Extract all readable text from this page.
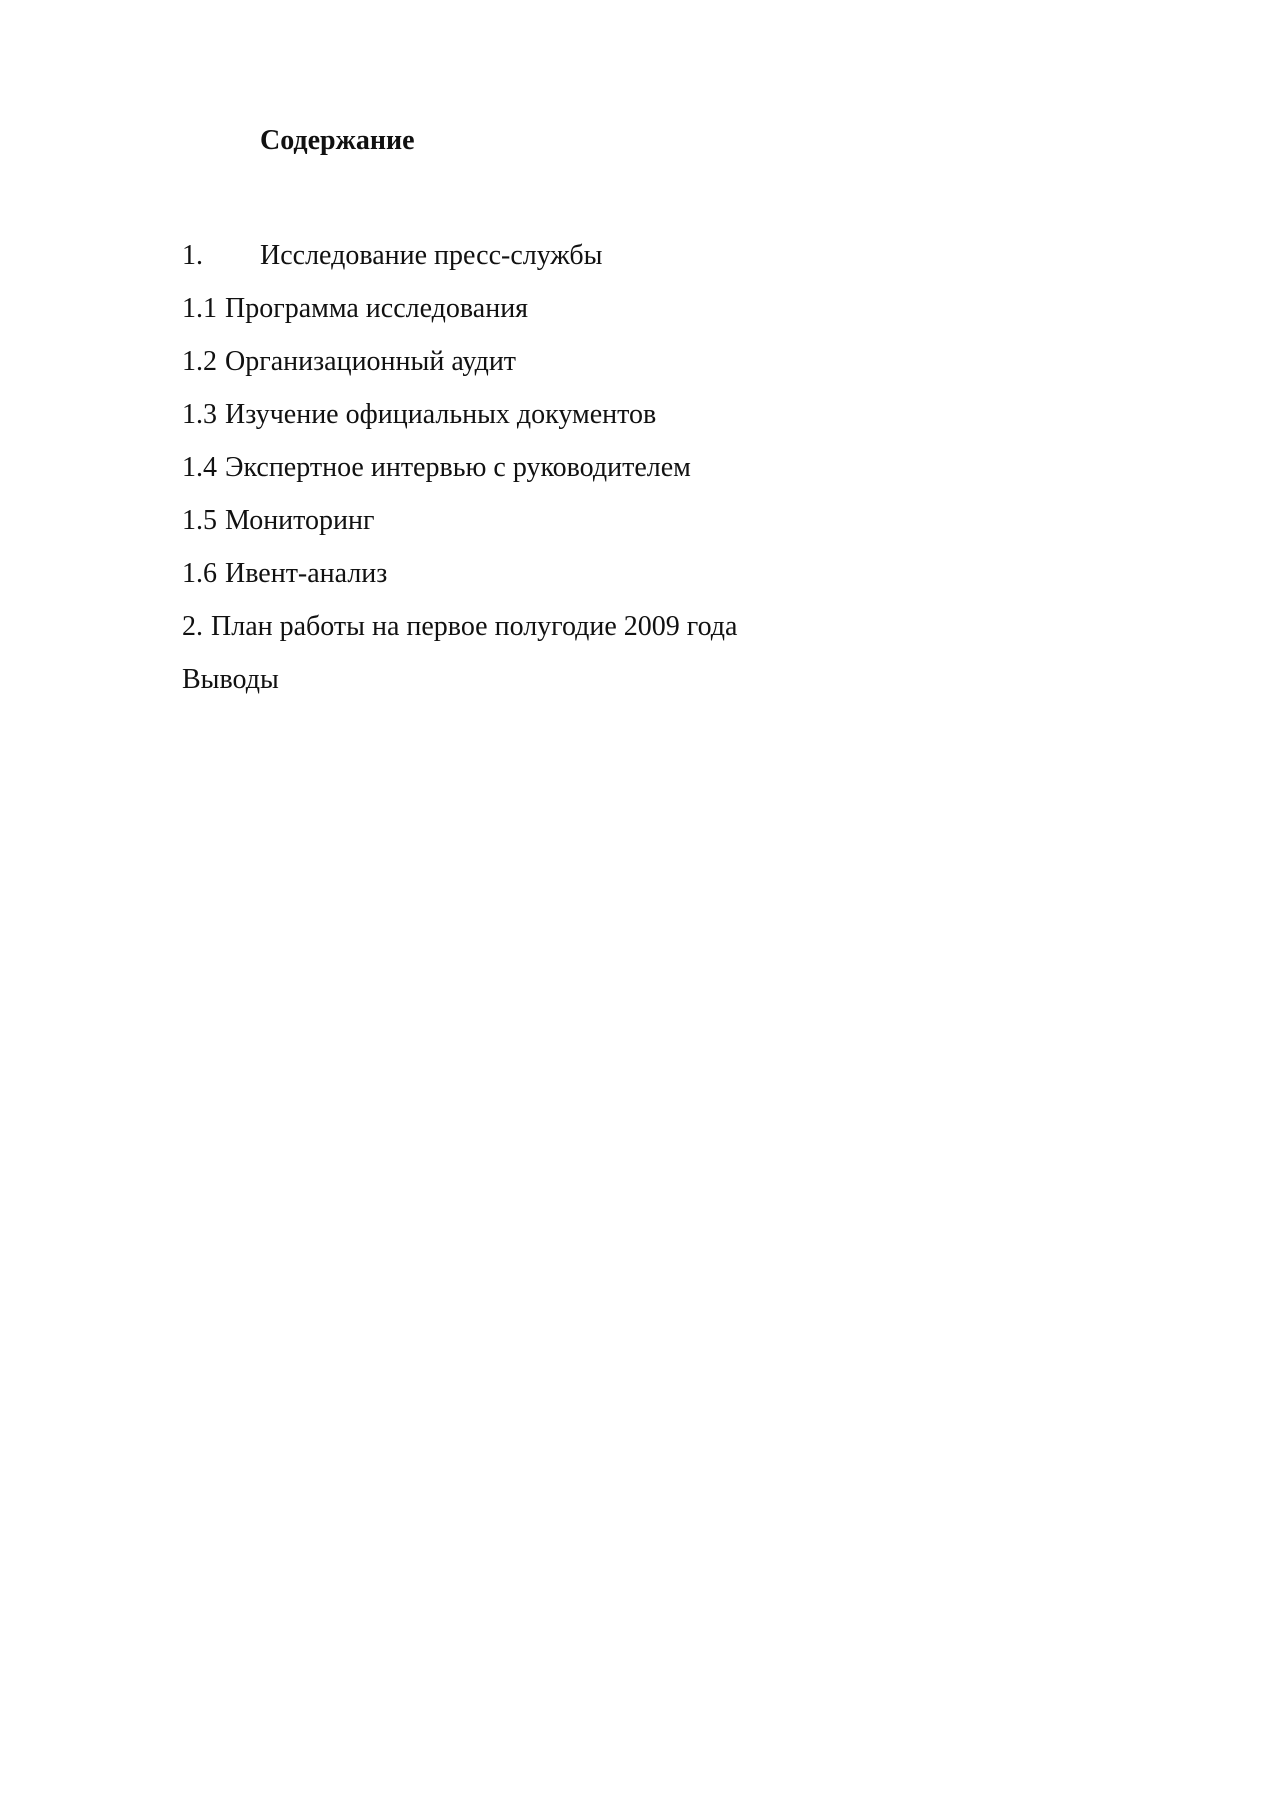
Содержание
1.	Исследование пресс-службы
1.1 Программа исследования
1.2 Организационный аудит
1.3 Изучение официальных документов
1.4 Экспертное интервью с руководителем
1.5 Мониторинг
1.6 Ивент-анализ
2. План работы на первое полугодие 2009 года
Выводы
